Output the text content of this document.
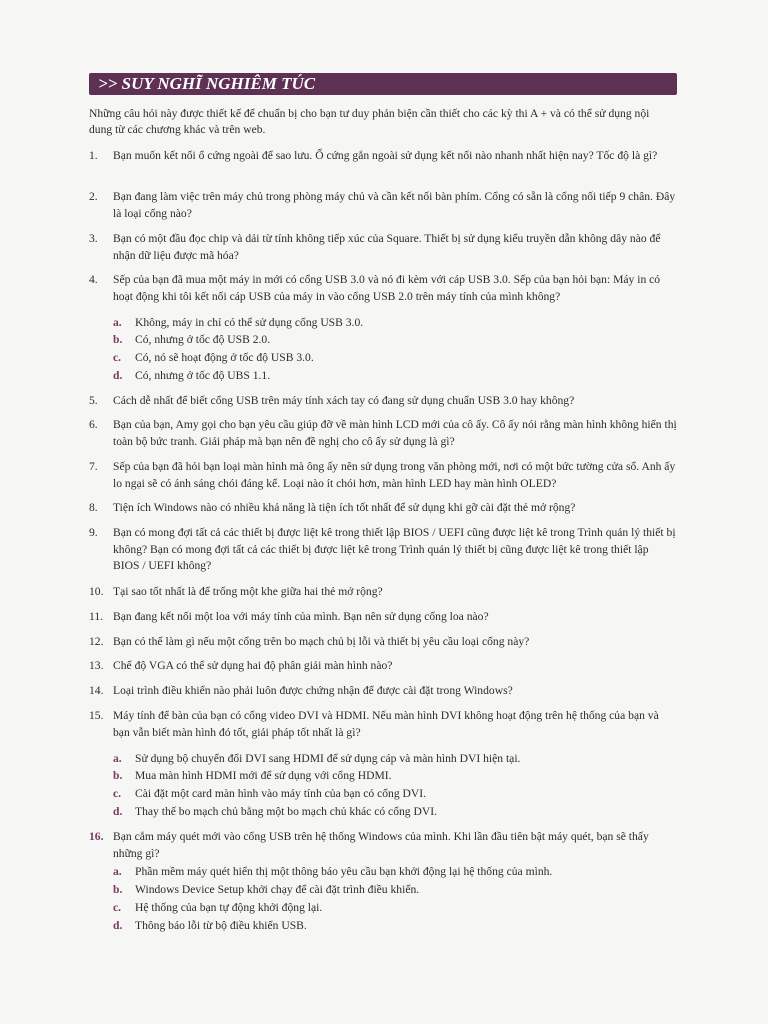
>> SUY NGHĨ NGHIÊM TÚC
Những câu hỏi này được thiết kế để chuẩn bị cho bạn tư duy phản biện cần thiết cho các kỳ thi A + và có thể sử dụng nội dung từ các chương khác và trên web.
1. Bạn muốn kết nối ổ cứng ngoài để sao lưu. Ổ cứng gắn ngoài sử dụng kết nối nào nhanh nhất hiện nay? Tốc độ là gì?
2. Bạn đang làm việc trên máy chủ trong phòng máy chủ và cần kết nối bàn phím. Cổng có sẵn là cổng nối tiếp 9 chân. Đây là loại cổng nào?
3. Bạn có một đầu đọc chip và dải từ tính không tiếp xúc của Square. Thiết bị sử dụng kiểu truyền dẫn không dây nào để nhận dữ liệu được mã hóa?
4. Sếp của bạn đã mua một máy in mới có cổng USB 3.0 và nó đi kèm với cáp USB 3.0. Sếp của bạn hỏi bạn: Máy in có hoạt động khi tôi kết nối cáp USB của máy in vào cổng USB 2.0 trên máy tính của mình không?
a. Không, máy in chỉ có thể sử dụng cổng USB 3.0.
b. Có, nhưng ở tốc độ USB 2.0.
c. Có, nó sẽ hoạt động ở tốc độ USB 3.0.
d. Có, nhưng ở tốc độ UBS 1.1.
5. Cách dễ nhất để biết cổng USB trên máy tính xách tay có đang sử dụng chuẩn USB 3.0 hay không?
6. Bạn của bạn, Amy gọi cho bạn yêu cầu giúp đỡ về màn hình LCD mới của cô ấy. Cô ấy nói rằng màn hình không hiển thị toàn bộ bức tranh. Giải pháp mà bạn nên đề nghị cho cô ấy sử dụng là gì?
7. Sếp của bạn đã hỏi bạn loại màn hình mà ông ấy nên sử dụng trong văn phòng mới, nơi có một bức tường cửa sổ. Anh ấy lo ngại sẽ có ánh sáng chói đáng kể. Loại nào ít chói hơn, màn hình LED hay màn hình OLED?
8. Tiện ích Windows nào có nhiều khả năng là tiện ích tốt nhất để sử dụng khi gỡ cài đặt thẻ mở rộng?
9. Bạn có mong đợi tất cả các thiết bị được liệt kê trong thiết lập BIOS / UEFI cũng được liệt kê trong Trình quản lý thiết bị không? Bạn có mong đợi tất cả các thiết bị được liệt kê trong Trình quản lý thiết bị cũng được liệt kê trong thiết lập BIOS / UEFI không?
10. Tại sao tốt nhất là để trống một khe giữa hai thẻ mở rộng?
11. Bạn đang kết nối một loa với máy tính của mình. Bạn nên sử dụng cổng loa nào?
12. Bạn có thể làm gì nếu một cổng trên bo mạch chủ bị lỗi và thiết bị yêu cầu loại cổng này?
13. Chế độ VGA có thể sử dụng hai độ phân giải màn hình nào?
14. Loại trình điều khiển nào phải luôn được chứng nhận để được cài đặt trong Windows?
15. Máy tính để bàn của bạn có cổng video DVI và HDMI. Nếu màn hình DVI không hoạt động trên hệ thống của bạn và bạn vẫn biết màn hình đó tốt, giải pháp tốt nhất là gì?
a. Sử dụng bộ chuyển đổi DVI sang HDMI để sử dụng cáp và màn hình DVI hiện tại.
b. Mua màn hình HDMI mới để sử dụng với cổng HDMI.
c. Cài đặt một card màn hình vào máy tính của bạn có cổng DVI.
d. Thay thế bo mạch chủ bằng một bo mạch chủ khác có cổng DVI.
16. Bạn cắm máy quét mới vào cổng USB trên hệ thống Windows của mình. Khi lần đầu tiên bật máy quét, bạn sẽ thấy những gì?
a. Phần mềm máy quét hiển thị một thông báo yêu cầu bạn khởi động lại hệ thống của mình.
b. Windows Device Setup khởi chạy để cài đặt trình điều khiển.
c. Hệ thống của bạn tự động khởi động lại.
d. Thông báo lỗi từ bộ điều khiển USB.
